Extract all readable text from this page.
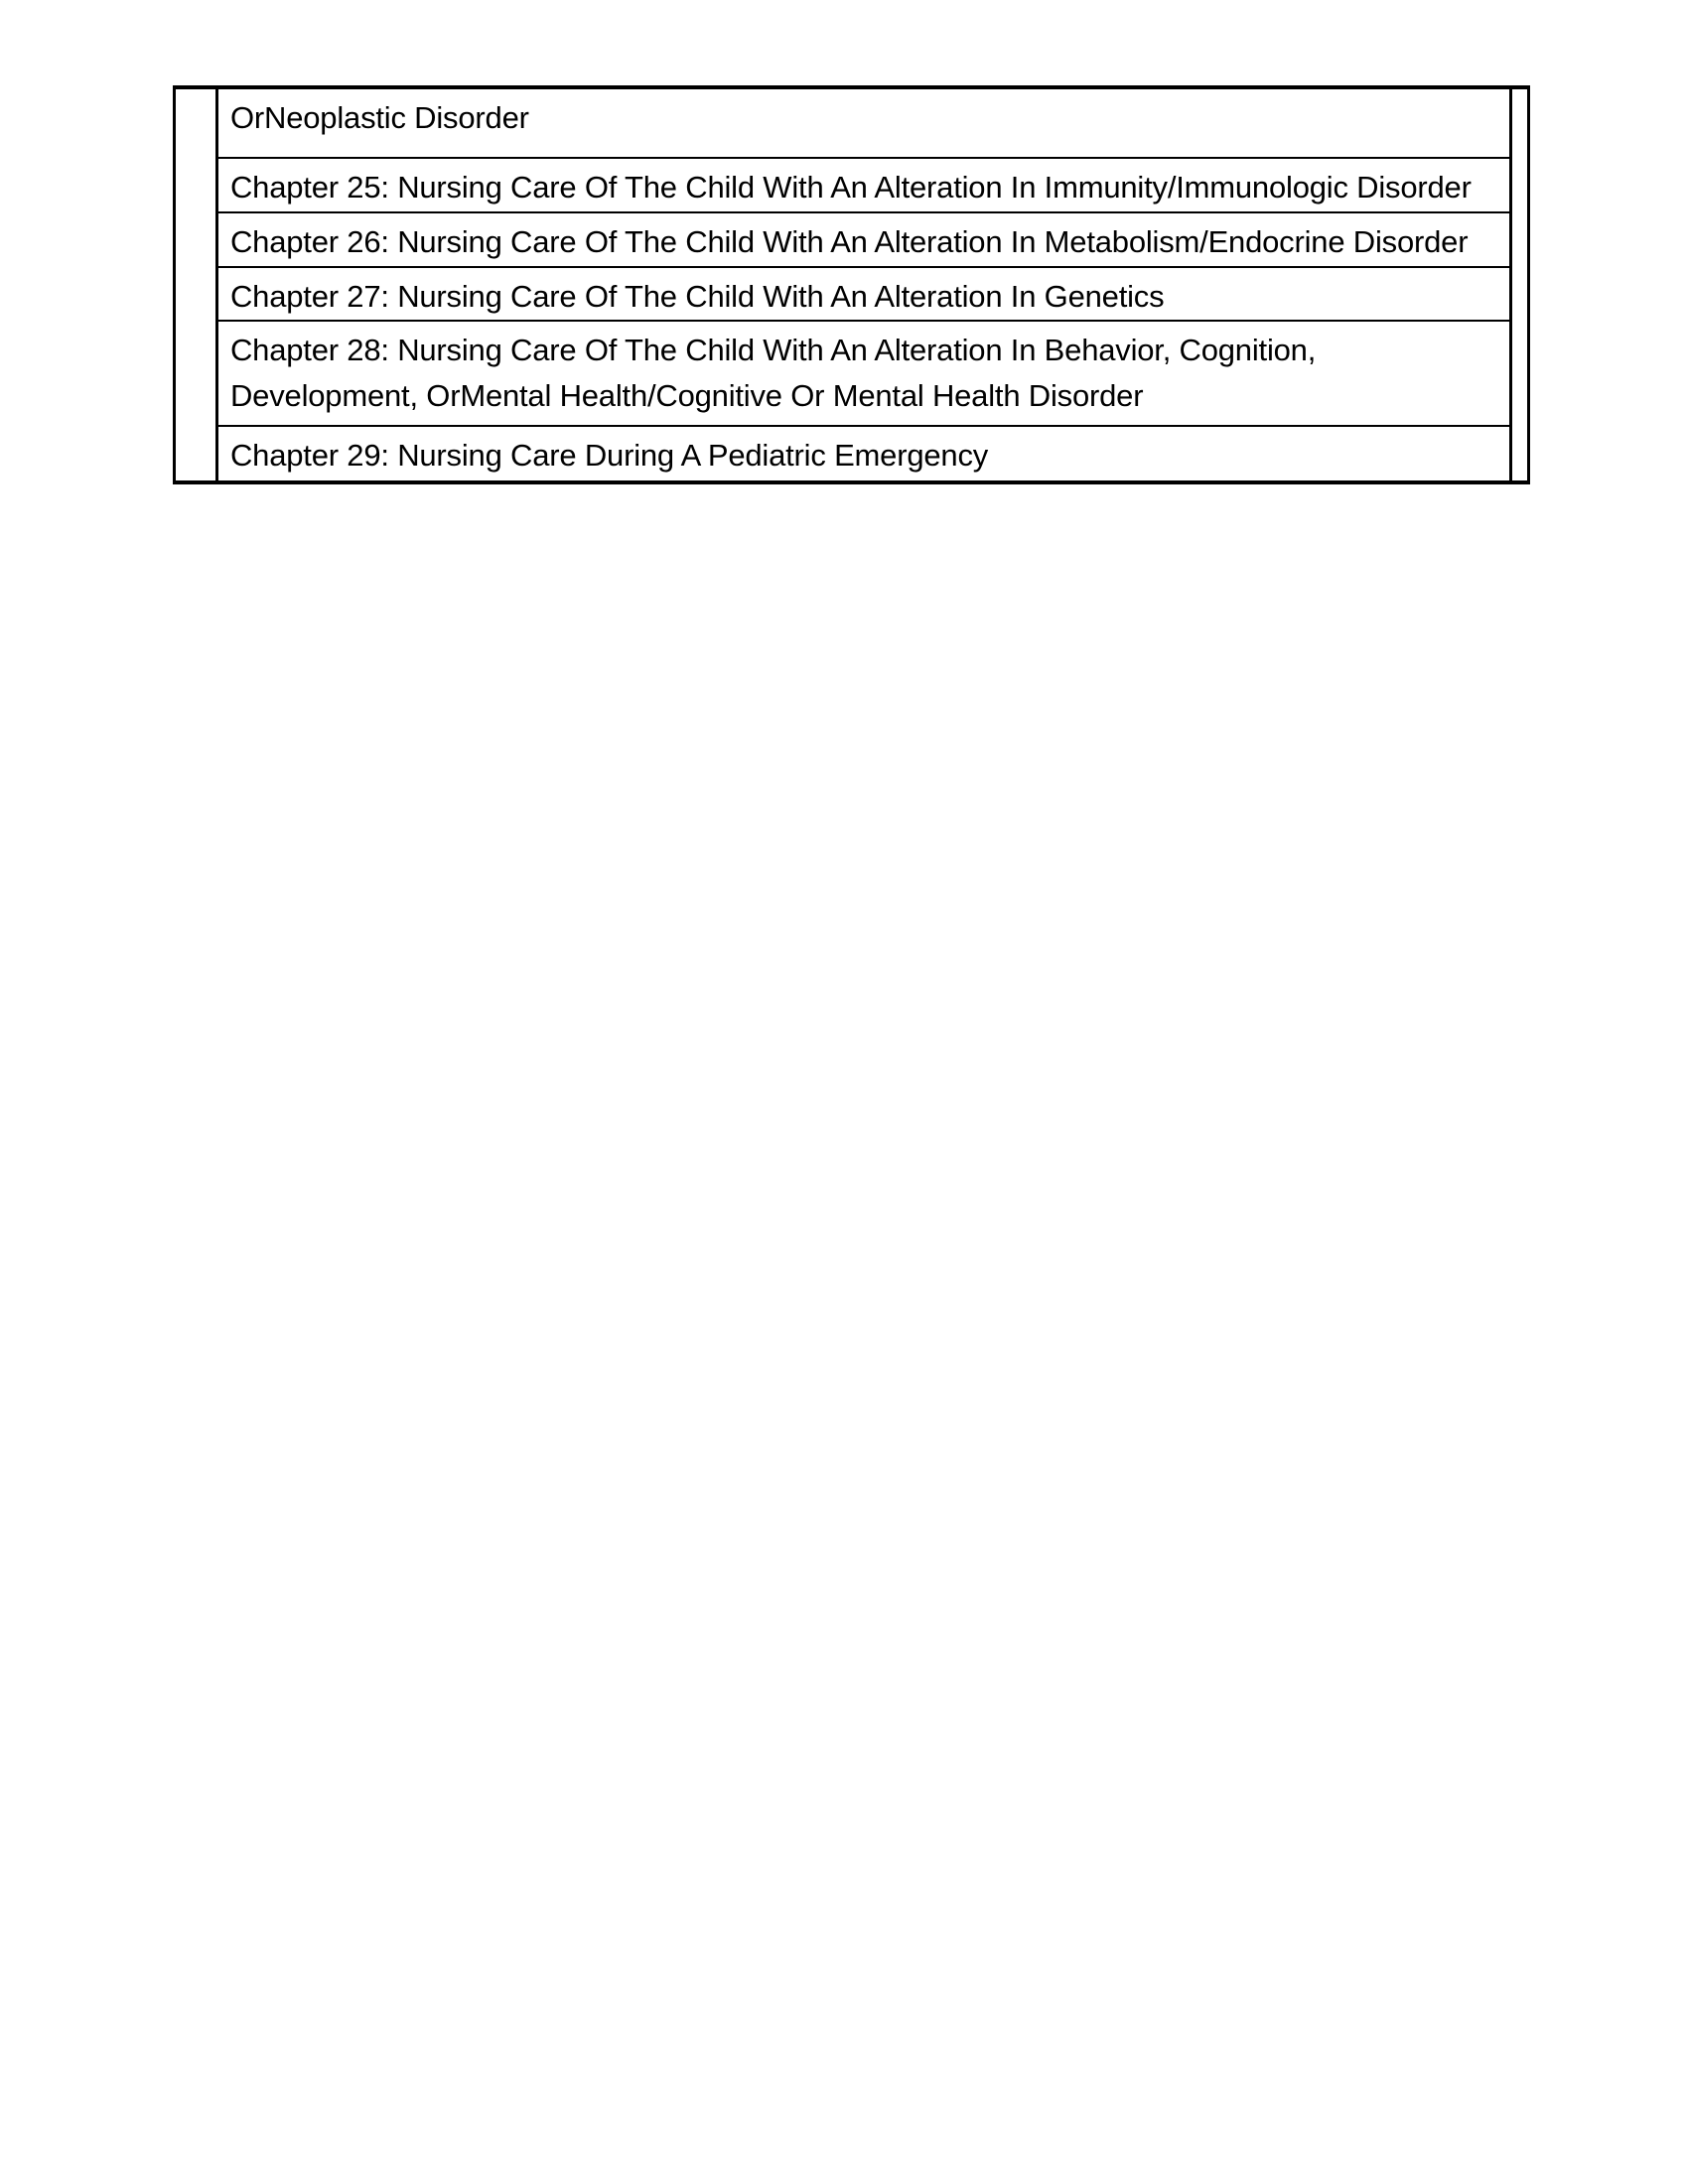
OrNeoplastic Disorder
Chapter 25: Nursing Care Of The Child With An Alteration In Immunity/Immunologic Disorder
Chapter 26: Nursing Care Of The Child With An Alteration In Metabolism/Endocrine Disorder
Chapter 27: Nursing Care Of The Child With An Alteration In Genetics
Chapter 28: Nursing Care Of The Child With An Alteration In Behavior, Cognition,
Development, OrMental Health/Cognitive Or Mental Health Disorder
Chapter 29: Nursing Care During A Pediatric Emergency
